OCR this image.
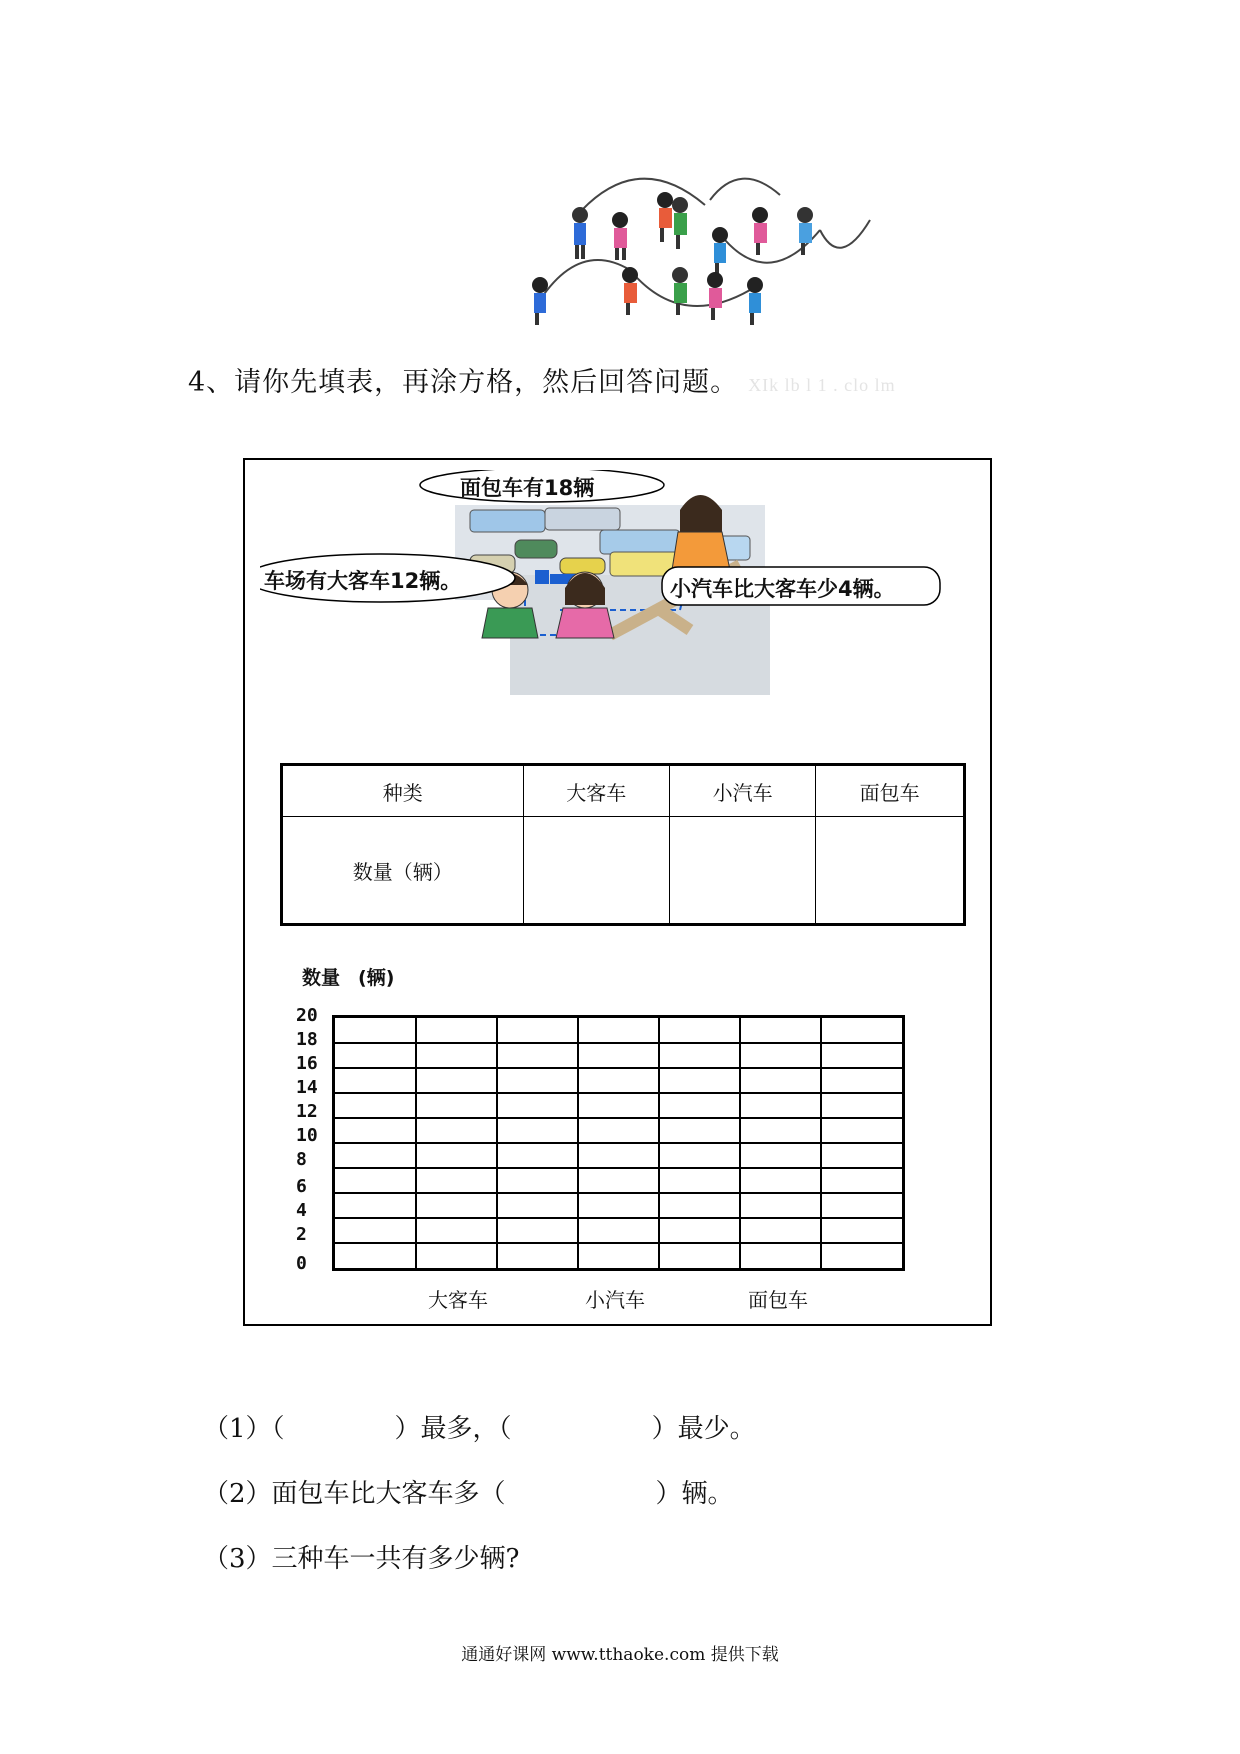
4、请你先填表，再涂方格，然后回答问题。 XIk lb l 1 . clo lm
面包车有18辆
车场有大客车12辆。	小汽车比大客车少4辆。
种类	大客车	小汽车	面包车
数量（辆）			
数量 (辆)
20
18
16
14
12
10
8
6
4
2
0
大客车	小汽车	面包车
（1）（	）最多，（	）最少。
（2）面包车比大客车多（	）辆。
（3）三种车一共有多少辆?
通通好课网 www.tthaoke.com 提供下载
